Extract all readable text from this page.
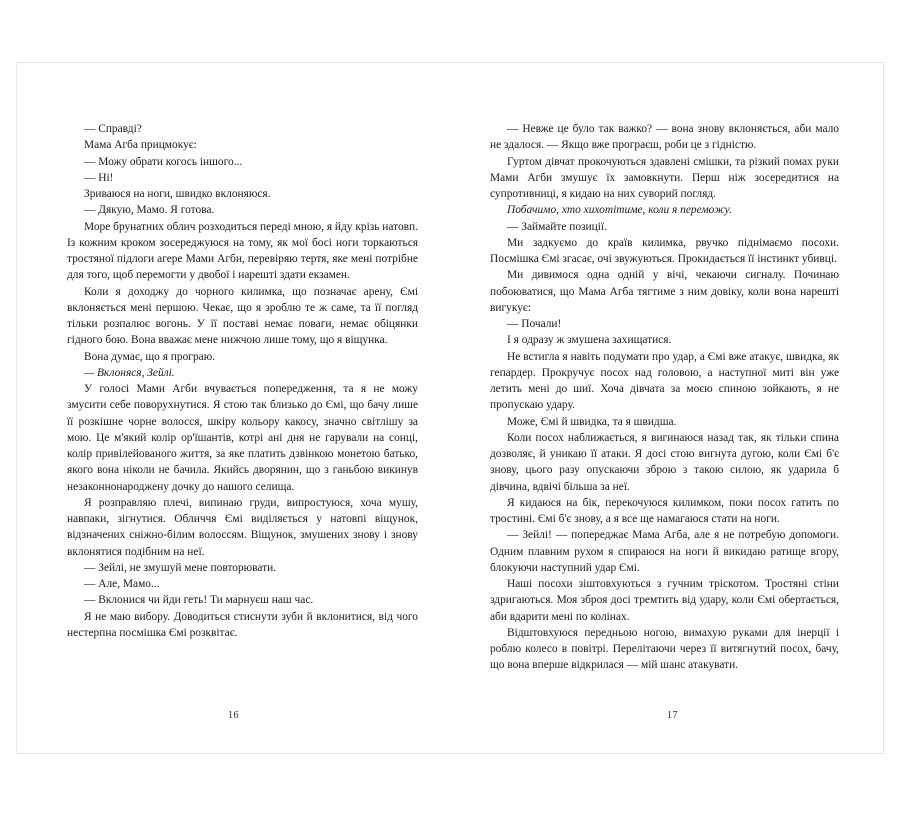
— Справді?

Мама Агба прицмокує:

— Можу обрати когось іншого...

— Ні!

Зриваюся на ноги, швидко вклоняюся.

— Дякую, Мамо. Я готова.

Море брунатних облич розходиться переді мною, я йду крізь натовп. Із кожним кроком зосереджуюся на тому, як мої босі ноги торкаються тростяної підлоги агере Мами Агби, перевіряю тертя, яке мені потрібне для того, щоб перемогти у двобої і нарешті здати екзамен.

Коли я доходжу до чорного килимка, що позначає арену, Ємі вклоняється мені першою. Чекає, що я зроблю те ж саме, та її погляд тільки розпалює вогонь. У її поставі немає поваги, немає обіцянки гідного бою. Вона вважає мене нижчою лише тому, що я віщунка.

Вона думає, що я програю.

— Вклоняся, Зейлі.

У голосі Мами Агби вчувається попередження, та я не можу змусити себе поворухнутися. Я стою так близько до Ємі, що бачу лише її розкішне чорне волосся, шкіру кольору какосу, значно світлішу за мою. Це м'який колір ор'їшантів, котрі ані дня не гарували на сонці, колір привілейованого життя, за яке платить дзвінкою монетою батько, якого вона ніколи не бачила. Якийсь дворянин, що з ганьбою викинув незаконнонароджену дочку до нашого селища.

Я розправляю плечі, випинаю груди, випростуюся, хоча мушу, навпаки, зігнутися. Обличчя Ємі виділяється у натовпі віщунок, відзначених сніжно-білим волоссям. Віщунок, змушених знову і знову вклонятися подібним на неї.

— Зейлі, не змушуй мене повторювати.

— Але, Мамо...

— Вклонися чи йди геть! Ти марнуєш наш час.

Я не маю вибору. Доводиться стиснути зуби й вклонитися, від чого нестерпна посмішка Ємі розквітає.

16

— Невже це було так важко? — вона знову вклоняється, аби мало не здалося. — Якщо вже програєш, роби це з гідністю.

Гуртом дівчат прокочуються здавлені смішки, та різкий помах руки Мами Агби змушує їх замовкнути. Перш ніж зосередитися на супротивниці, я кидаю на них суворий погляд.

Побачимо, хто хихотітиме, коли я переможу.

— Займайте позиції.

Ми задкуємо до країв килимка, рвучко піднімаємо посохи. Посмішка Ємі згасає, очі звужуються. Прокидається її інстинкт убивці.

Ми дивимося одна одній у вічі, чекаючи сигналу. Починаю побоюватися, що Мама Агба тягтиме з ним довіку, коли вона нарешті вигукує:

— Почали!

І я одразу ж змушена захищатися.

Не встигла я навіть подумати про удар, а Ємі вже атакує, швидка, як гепардер. Прокручує посох над головою, а наступної миті він уже летить мені до шиї. Хоча дівчата за моєю спиною зойкають, я не пропускаю удару.

Може, Ємі й швидка, та я швидша.

Коли посох наближається, я вигинаюся назад так, як тільки спина дозволяє, й уникаю її атаки. Я досі стою вигнута дугою, коли Ємі б'є знову, цього разу опускаючи зброю з такою силою, як ударила б дівчина, вдвічі більша за неї.

Я кидаюся на бік, перекочуюся килимком, поки посох гатить по тростині. Ємі б'є знову, а я все ще намагаюся стати на ноги.

— Зейлі! — попереджає Мама Агба, але я не потребую допомоги. Одним плавним рухом я спираюся на ноги й викидаю ратище вгору, блокуючи наступний удар Ємі.

Наші посохи зіштовхуються з гучним тріскотом. Тростяні стіни здригаються. Моя зброя досі тремтить від удару, коли Ємі обертається, аби вдарити мені по колінах.

Відштовхуюся передньою ногою, вимахую руками для інерції і роблю колесо в повітрі. Перелітаючи через її витягнутий посох, бачу, що вона вперше відкрилася — мій шанс атакувати.

17
